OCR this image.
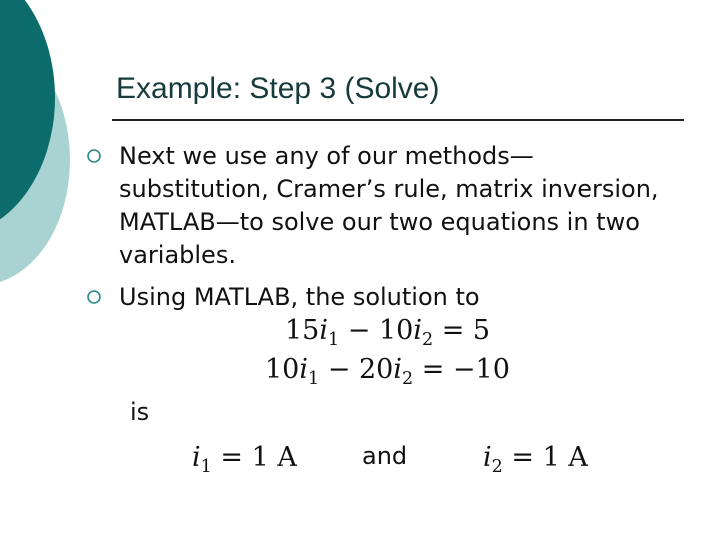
Example: Step 3 (Solve)
Next we use any of our methods—substitution, Cramer’s rule, matrix inversion, MATLAB—to solve our two equations in two variables.
Using MATLAB, the solution to
$15i_1 - 10i_2 = 5$
$10i_1 - 20i_2 = -10$
is
$i_1 = 1$ A	and	$i_2 = 1$ A
